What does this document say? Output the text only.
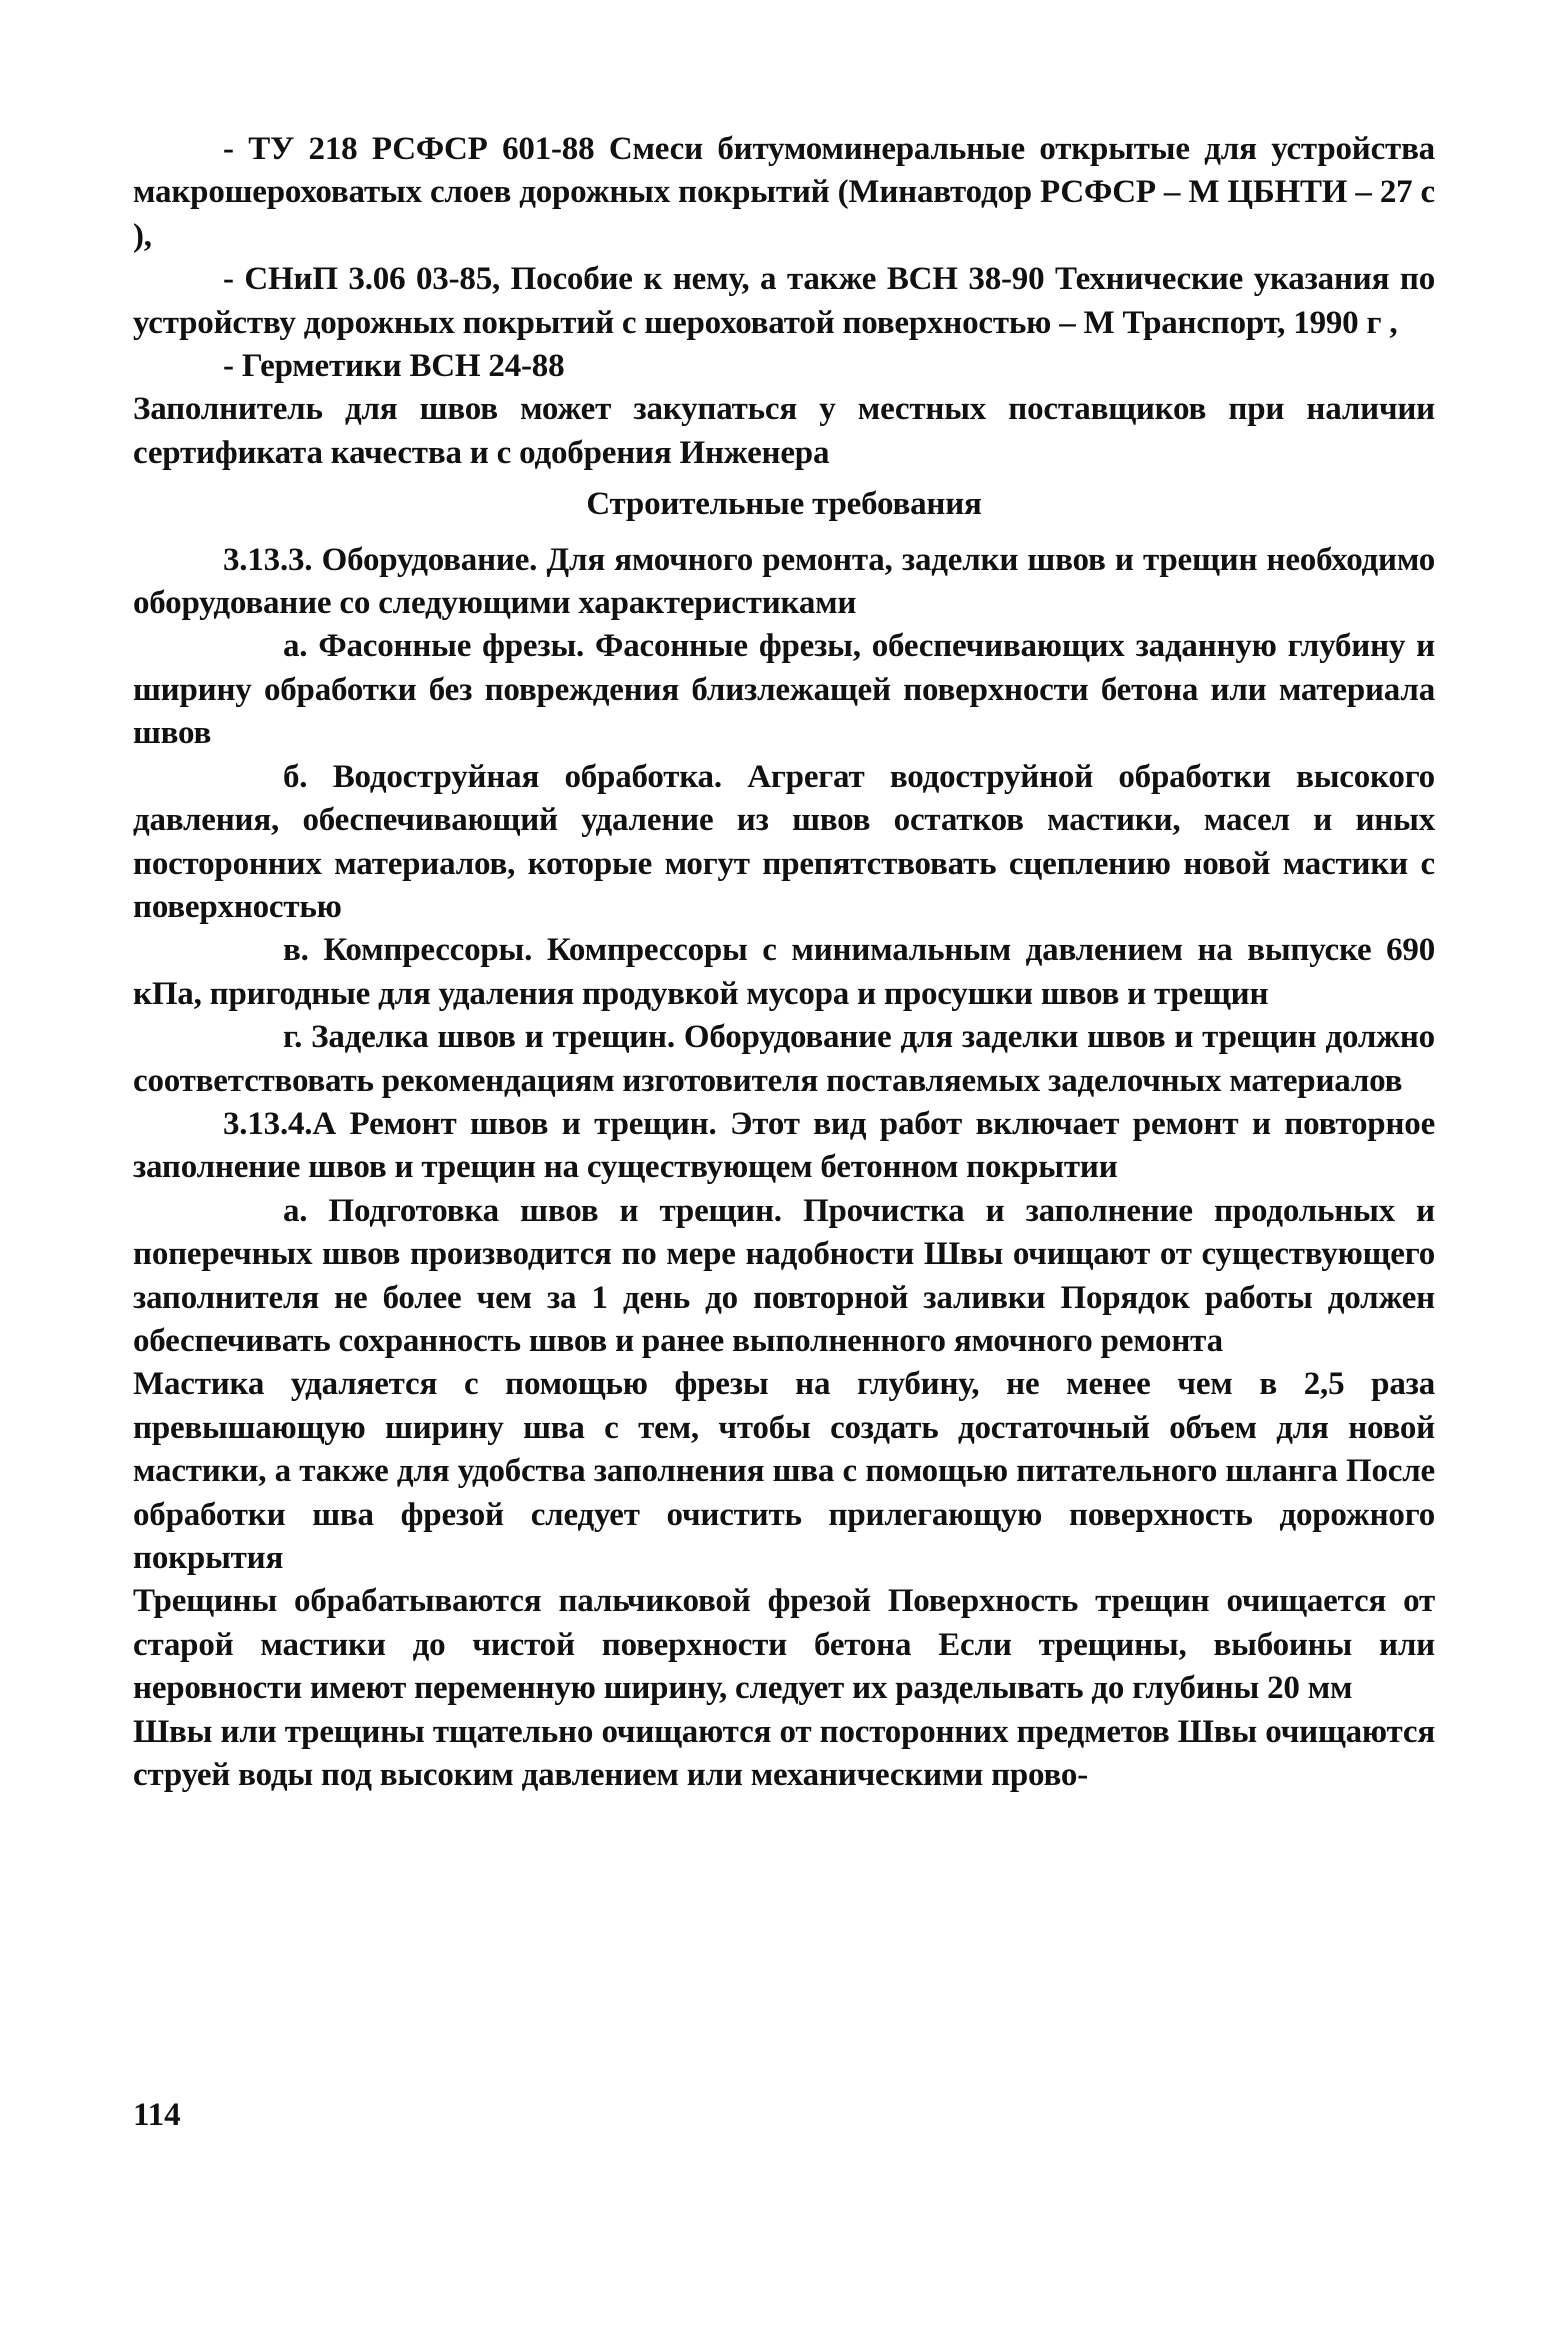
- ТУ 218 РСФСР 601-88 Смеси битумоминеральные открытые для устройства макрошероховатых слоев дорожных покрытий (Минавтодор РСФСР – М ЦБНТИ – 27 с ),

- СНиП 3.06 03-85, Пособие к нему, а также ВСН 38-90 Технические указания по устройству дорожных покрытий с шероховатой поверхностью – М Транспорт, 1990 г ,

- Герметики ВСН 24-88

Заполнитель для швов может закупаться у местных поставщиков при наличии сертификата качества и с одобрения Инженера

Строительные требования

3.13.3. Оборудование. Для ямочного ремонта, заделки швов и трещин необходимо оборудование со следующими характеристиками

а. Фасонные фрезы. Фасонные фрезы, обеспечивающих заданную глубину и ширину обработки без повреждения близлежащей поверхности бетона или материала швов

б. Водоструйная обработка. Агрегат водоструйной обработки высокого давления, обеспечивающий удаление из швов остатков мастики, масел и иных посторонних материалов, которые могут препятствовать сцеплению новой мастики с поверхностью

в. Компрессоры. Компрессоры с минимальным давлением на выпуске 690 кПа, пригодные для удаления продувкой мусора и просушки швов и трещин

г. Заделка швов и трещин. Оборудование для заделки швов и трещин должно соответствовать рекомендациям изготовителя поставляемых заделочных материалов

3.13.4.А Ремонт швов и трещин. Этот вид работ включает ремонт и повторное заполнение швов и трещин на существующем бетонном покрытии

а. Подготовка швов и трещин. Прочистка и заполнение продольных и поперечных швов производится по мере надобности Швы очищают от существующего заполнителя не более чем за 1 день до повторной заливки Порядок работы должен обеспечивать сохранность швов и ранее выполненного ямочного ремонта

Мастика удаляется с помощью фрезы на глубину, не менее чем в 2,5 раза превышающую ширину шва с тем, чтобы создать достаточный объем для новой мастики, а также для удобства заполнения шва с помощью питательного шланга После обработки шва фрезой следует очистить прилегающую поверхность дорожного покрытия

Трещины обрабатываются пальчиковой фрезой Поверхность трещин очищается от старой мастики до чистой поверхности бетона Если трещины, выбоины или неровности имеют переменную ширину, следует их разделывать до глубины 20 мм

Швы или трещины тщательно очищаются от посторонних предметов Швы очищаются струей воды под высоким давлением или механическими прово-

114
